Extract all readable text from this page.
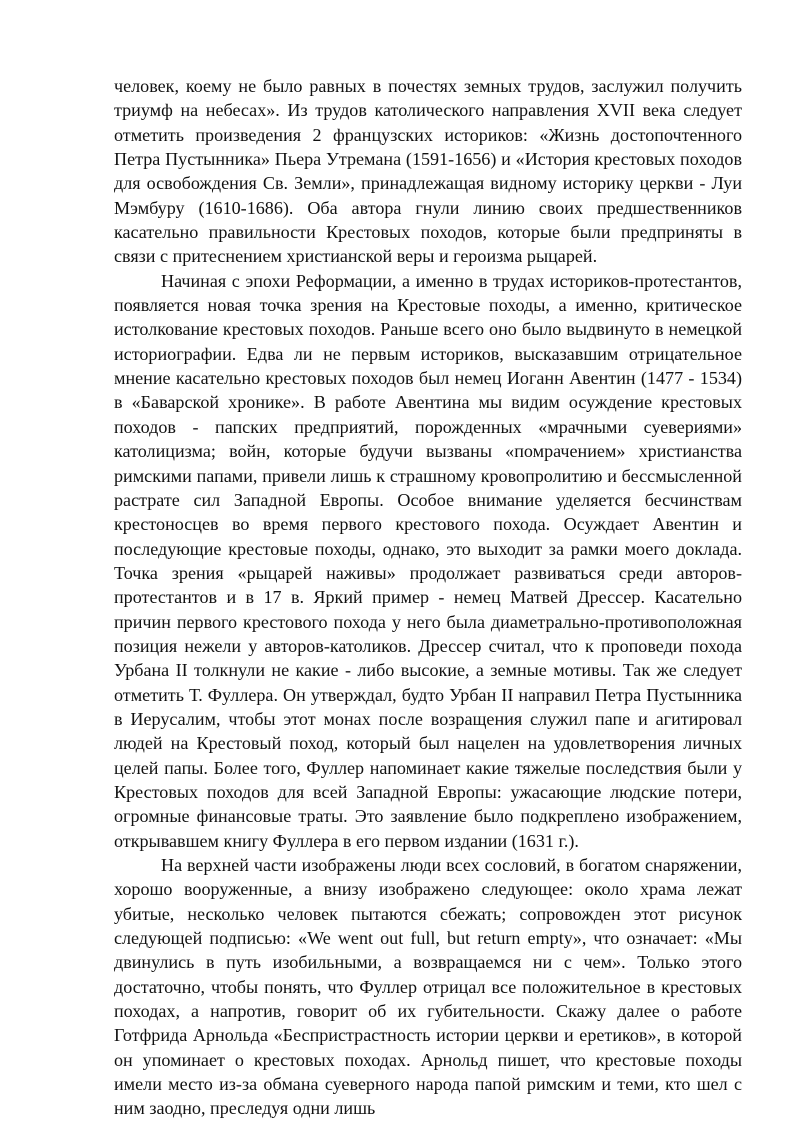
человек, коему не было равных в почестях земных трудов, заслужил получить триумф на небесах». Из трудов католического направления XVII века следует отметить произведения 2 французских историков: «Жизнь достопочтенного Петра Пустынника» Пьера Утремана (1591-1656) и «История крестовых походов для освобождения Св. Земли», принадлежащая видному историку церкви - Луи Мэмбуру (1610-1686). Оба автора гнули линию своих предшественников касательно правильности Крестовых походов, которые были предприняты в связи с притеснением христианской веры и героизма рыцарей.

Начиная с эпохи Реформации, а именно в трудах историков-протестантов, появляется новая точка зрения на Крестовые походы, а именно, критическое истолкование крестовых походов. Раньше всего оно было выдвинуто в немецкой историографии. Едва ли не первым историков, высказавшим отрицательное мнение касательно крестовых походов был немец Иоганн Авентин (1477 - 1534) в «Баварской хронике». В работе Авентина мы видим осуждение крестовых походов - папских предприятий, порожденных «мрачными суевериями» католицизма; войн, которые будучи вызваны «помрачением» христианства римскими папами, привели лишь к страшному кровопролитию и бессмысленной растрате сил Западной Европы. Особое внимание уделяется бесчинствам крестоносцев во время первого крестового похода. Осуждает Авентин и последующие крестовые походы, однако, это выходит за рамки моего доклада. Точка зрения «рыцарей наживы» продолжает развиваться среди авторов-протестантов и в 17 в. Яркий пример - немец Матвей Дрессер. Касательно причин первого крестового похода у него была диаметрально-противоположная позиция нежели у авторов-католиков. Дрессер считал, что к проповеди похода Урбана II толкнули не какие - либо высокие, а земные мотивы. Так же следует отметить Т. Фуллера. Он утверждал, будто Урбан II направил Петра Пустынника в Иерусалим, чтобы этот монах после возращения служил папе и агитировал людей на Крестовый поход, который был нацелен на удовлетворения личных целей папы. Более того, Фуллер напоминает какие тяжелые последствия были у Крестовых походов для всей Западной Европы: ужасающие людские потери, огромные финансовые траты. Это заявление было подкреплено изображением, открывавшем книгу Фуллера в его первом издании (1631 г.).

На верхней части изображены люди всех сословий, в богатом снаряжении, хорошо вооруженные, а внизу изображено следующее: около храма лежат убитые, несколько человек пытаются сбежать; сопровожден этот рисунок следующей подписью: «We went out full, but return empty», что означает: «Мы двинулись в путь изобильными, а возвращаемся ни с чем». Только этого достаточно, чтобы понять, что Фуллер отрицал все положительное в крестовых походах, а напротив, говорит об их губительности. Скажу далее о работе Готфрида Арнольда «Беспристрастность истории церкви и еретиков», в которой он упоминает о крестовых походах. Арнольд пишет, что крестовые походы имели место из-за обмана суеверного народа папой римским и теми, кто шел с ним заодно, преследуя одни лишь
